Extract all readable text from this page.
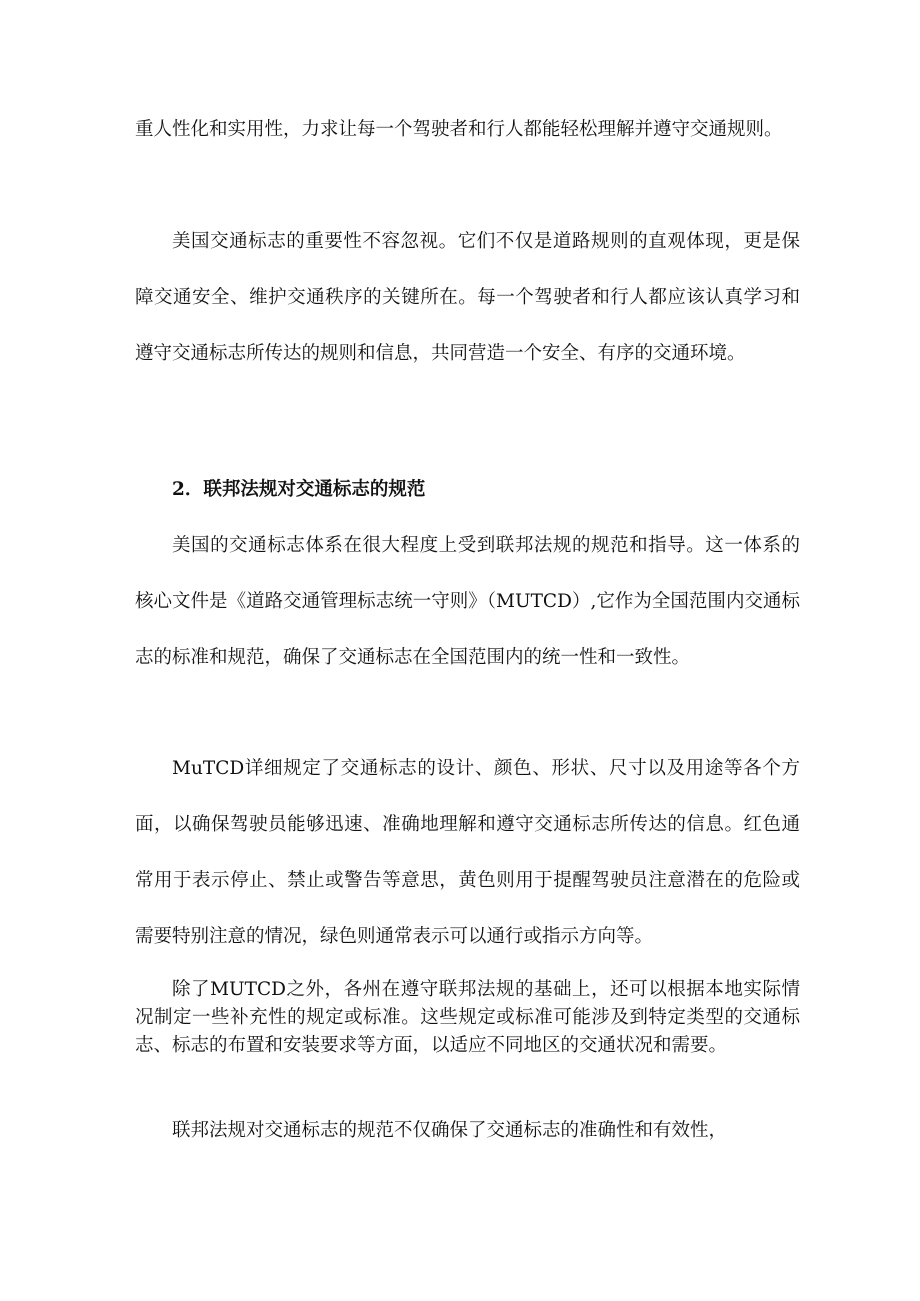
重人性化和实用性，力求让每一个驾驶者和行人都能轻松理解并遵守交通规则。

美国交通标志的重要性不容忽视。它们不仅是道路规则的直观体现，更是保障交通安全、维护交通秩序的关键所在。每一个驾驶者和行人都应该认真学习和遵守交通标志所传达的规则和信息，共同营造一个安全、有序的交通环境。

2．联邦法规对交通标志的规范

美国的交通标志体系在很大程度上受到联邦法规的规范和指导。这一体系的核心文件是《道路交通管理标志统一守则》（MUTCD）,它作为全国范围内交通标志的标准和规范，确保了交通标志在全国范围内的统一性和一致性。

MuTCD详细规定了交通标志的设计、颜色、形状、尺寸以及用途等各个方面，以确保驾驶员能够迅速、准确地理解和遵守交通标志所传达的信息。红色通常用于表示停止、禁止或警告等意思，黄色则用于提醒驾驶员注意潜在的危险或需要特别注意的情况，绿色则通常表示可以通行或指示方向等。

除了MUTCD之外，各州在遵守联邦法规的基础上，还可以根据本地实际情况制定一些补充性的规定或标准。这些规定或标准可能涉及到特定类型的交通标志、标志的布置和安装要求等方面，以适应不同地区的交通状况和需要。

联邦法规对交通标志的规范不仅确保了交通标志的准确性和有效性，
